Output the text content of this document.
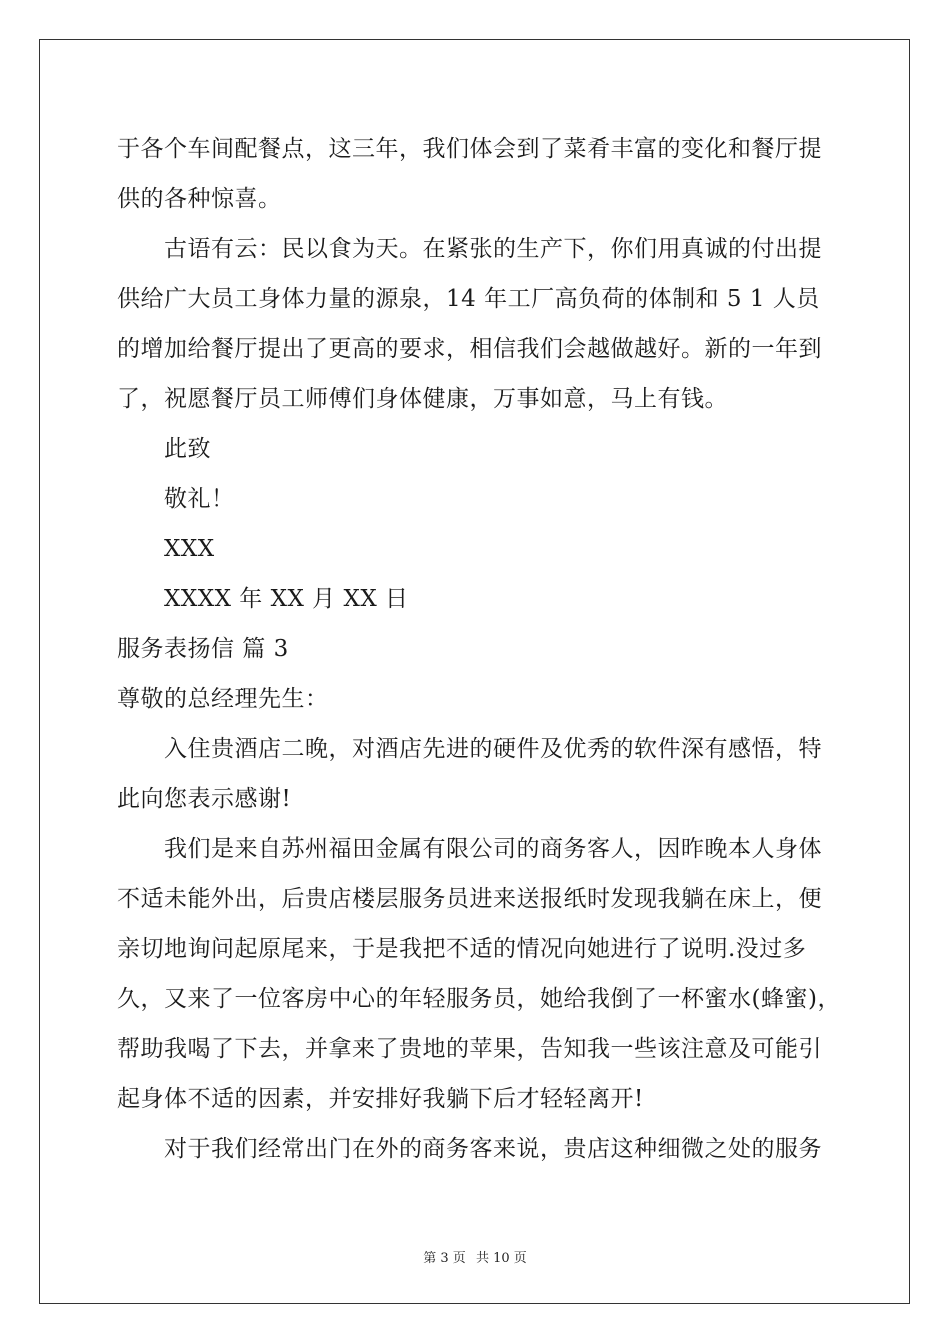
于各个车间配餐点，这三年，我们体会到了菜肴丰富的变化和餐厅提
供的各种惊喜。
古语有云：民以食为天。在紧张的生产下，你们用真诚的付出提
供给广大员工身体力量的源泉，14 年工厂高负荷的体制和 5 1 人员
的增加给餐厅提出了更高的要求，相信我们会越做越好。新的一年到
了，祝愿餐厅员工师傅们身体健康，万事如意，马上有钱。
此致
敬礼！
XXX
XXXX 年 XX 月 XX 日
服务表扬信 篇 3
尊敬的总经理先生：
入住贵酒店二晚，对酒店先进的硬件及优秀的软件深有感悟，特
此向您表示感谢!
我们是来自苏州福田金属有限公司的商务客人，因昨晚本人身体
不适未能外出，后贵店楼层服务员进来送报纸时发现我躺在床上，便
亲切地询问起原尾来，于是我把不适的情况向她进行了说明.没过多
久，又来了一位客房中心的年轻服务员，她给我倒了一杯蜜水(蜂蜜)，
帮助我喝了下去，并拿来了贵地的苹果，告知我一些该注意及可能引
起身体不适的因素，并安排好我躺下后才轻轻离开!
对于我们经常出门在外的商务客来说，贵店这种细微之处的服务
第 3 页 共 10 页
